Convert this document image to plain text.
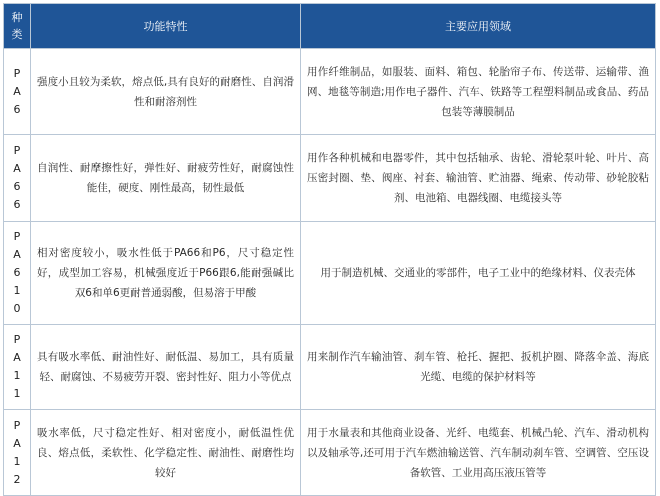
种
类	功能特性	主要应用领域

P
A
6	强度小且较为柔软，熔点低,具有良好的耐磨性、自润滑性和耐溶剂性	用作纤维制品，如服装、面料、箱包、轮胎帘子布、传送带、运输带、渔网、地毯等制造;用作电子器件、汽车、铁路等工程塑料制品或食品、药品包装等薄膜制品

P
A
6
6	自润性、耐摩擦性好，弹性好、耐疲劳性好，耐腐蚀性能佳，硬度、刚性最高，韧性最低	用作各种机械和电器零件，其中包括轴承、齿轮、滑轮泵叶轮、叶片、高压密封圈、垫、阀座、衬套、输油管、贮油器、绳索、传动带、砂轮胶粘剂、电池箱、电器线圈、电缆接头等

P
A
6
1
0	相对密度较小，吸水性低于PA66和P6，尺寸稳定性好，成型加工容易，机械强度近于P66跟6,能耐强碱比双6和单6更耐普通弱酸，但易溶于甲酸	用于制造机械、交通业的零部件，电子工业中的绝缘材料、仪表壳体

P
A
1
1	具有吸水率低、耐油性好、耐低温、易加工，具有质量轻、耐腐蚀、不易疲劳开裂、密封性好、阻力小等优点	用来制作汽车输油管、刹车管、枪托、握把、扳机护圈、降落伞盖、海底光缆、电缆的保护材料等

P
A
1
2	吸水率低，尺寸稳定性好、相对密度小，耐低温性优良、熔点低，柔软性、化学稳定性、耐油性、耐磨性均较好	用于水量表和其他商业设备、光纤、电缆套、机械凸轮、汽车、滑动机构以及轴承等,还可用于汽车燃油输送管、汽车制动刹车管、空调管、空压设备软管、工业用高压液压管等
